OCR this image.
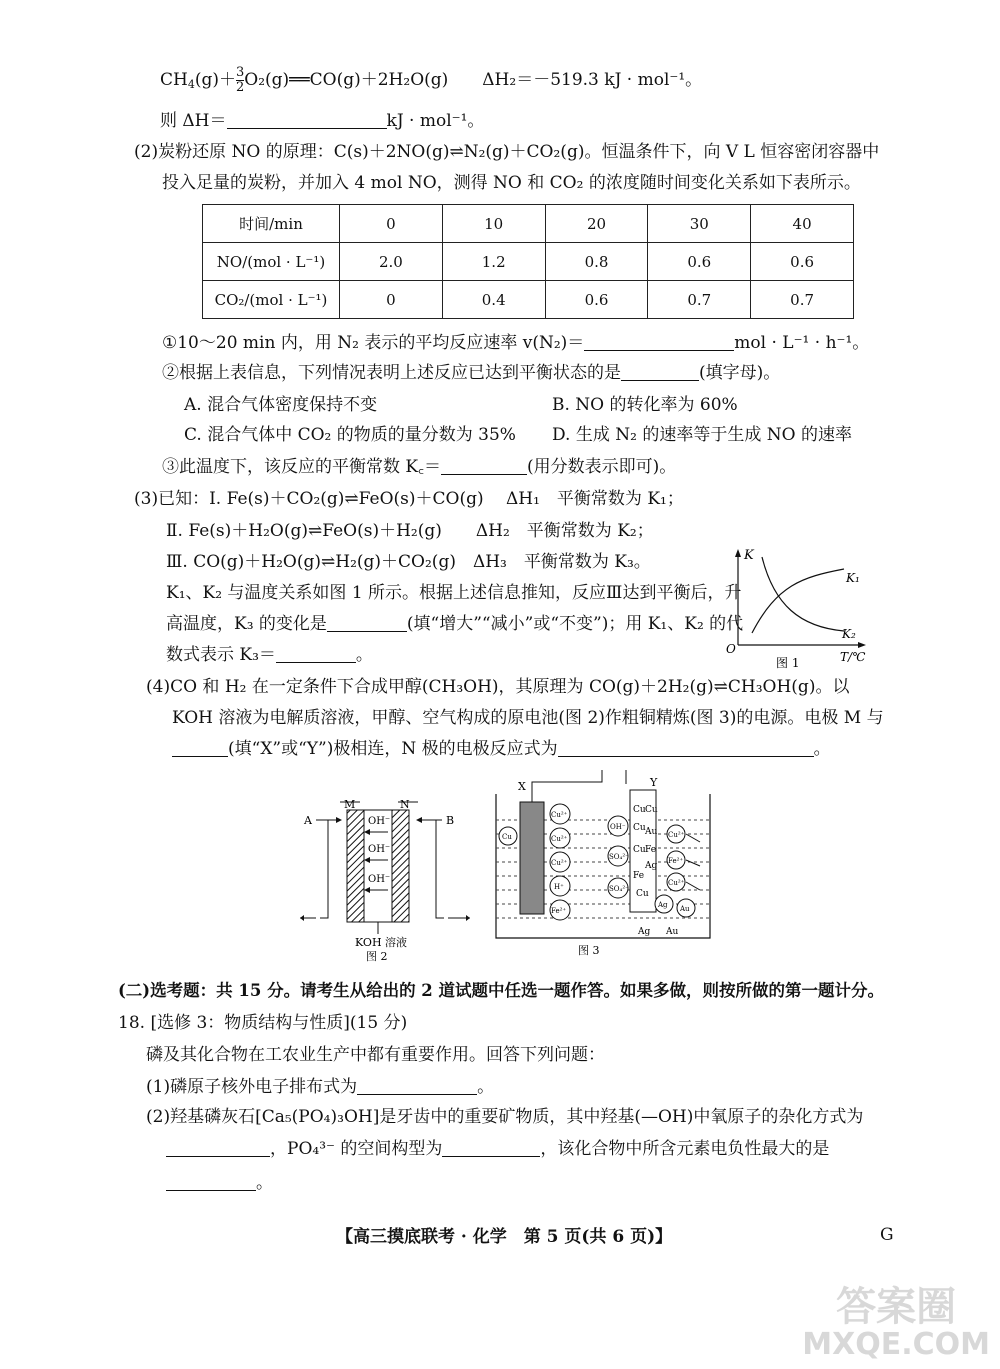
$CH_4(g)+ \frac{3}{2}$ O₂(g)══CO(g)＋2H₂O(g)　　ΔH₂＝－519.3 kJ · mol⁻¹。
则 ΔH＝	kJ · mol⁻¹。
(2)炭粉还原 NO 的原理：C(s)＋2NO(g)⇌N₂(g)＋CO₂(g)。恒温条件下，向 V L 恒容密闭容器中
投入足量的炭粉，并加入 4 mol NO，测得 NO 和 CO₂ 的浓度随时间变化关系如下表所示。
时间/min	0	10	20	30	40
NO/(mol · L⁻¹)	2.0	1.2	0.8	0.6	0.6
CO₂/(mol · L⁻¹)	0	0.4	0.6	0.7	0.7
①10～20 min 内，用 N₂ 表示的平均反应速率 v(N₂)＝	mol · L⁻¹ · h⁻¹。
②根据上表信息，下列情况表明上述反应已达到平衡状态的是	(填字母)。
A. 混合气体密度保持不变	B. NO 的转化率为 60%
C. 混合气体中 CO₂ 的物质的量分数为 35% D. 生成 N₂ 的速率等于生成 NO 的速率
③此温度下，该反应的平衡常数 K꜀＝	(用分数表示即可)。
(3)已知：Ⅰ. Fe(s)＋CO₂(g)⇌FeO(s)＋CO(g)　 ΔH₁　平衡常数为 K₁；
Ⅱ. Fe(s)＋H₂O(g)⇌FeO(s)＋H₂(g)　　ΔH₂　平衡常数为 K₂；
Ⅲ. CO(g)＋H₂O(g)⇌H₂(g)＋CO₂(g)　ΔH₃　平衡常数为 K₃。
K₁、K₂ 与温度关系如图 1 所示。根据上述信息推知，反应Ⅲ达到平衡后，升
高温度，K₃ 的变化是	(填“增大”“减小”或“不变”)；用 K₁、K₂ 的代
数式表示 K₃＝	。
K
O
K₁
K₂
T/℃
图 1
(4)CO 和 H₂ 在一定条件下合成甲醇(CH₃OH)，其原理为 CO(g)＋2H₂(g)⇌CH₃OH(g)。以
KOH 溶液为电解质溶液，甲醇、空气构成的原电池(图 2)作粗铜精炼(图 3)的电源。电极 M 与
(填“X”或“Y”)极相连，N 极的电极反应式为	。
M	N
A	B
OH⁻
OH⁻
OH⁻
KOH 溶液
图 2
X	Y
Cu
Cu²⁺
Cu²⁺
Cu²⁺
H⁺
Fe²⁺
OH⁻
SO₄²⁻
SO₄²⁻
Cu Cu
Cu Au
Cu Fe
Ag
Fe
Cu
Cu²⁺
Fe²⁺
Cu²⁺
Ag Au
Ag Au
图 3
(二)选考题：共 15 分。请考生从给出的 2 道试题中任选一题作答。如果多做，则按所做的第一题计分。
18. [选修 3：物质结构与性质](15 分)
磷及其化合物在工农业生产中都有重要作用。回答下列问题：
(1)磷原子核外电子排布式为	。
(2)羟基磷灰石[Ca₅(PO₄)₃OH]是牙齿中的重要矿物质，其中羟基(—OH)中氧原子的杂化方式为
，PO₄³⁻ 的空间构型为	，该化合物中所含元素电负性最大的是
。
【高三摸底联考 · 化学　第 5 页(共 6 页)】	G
答案圈
MXQE.COM
